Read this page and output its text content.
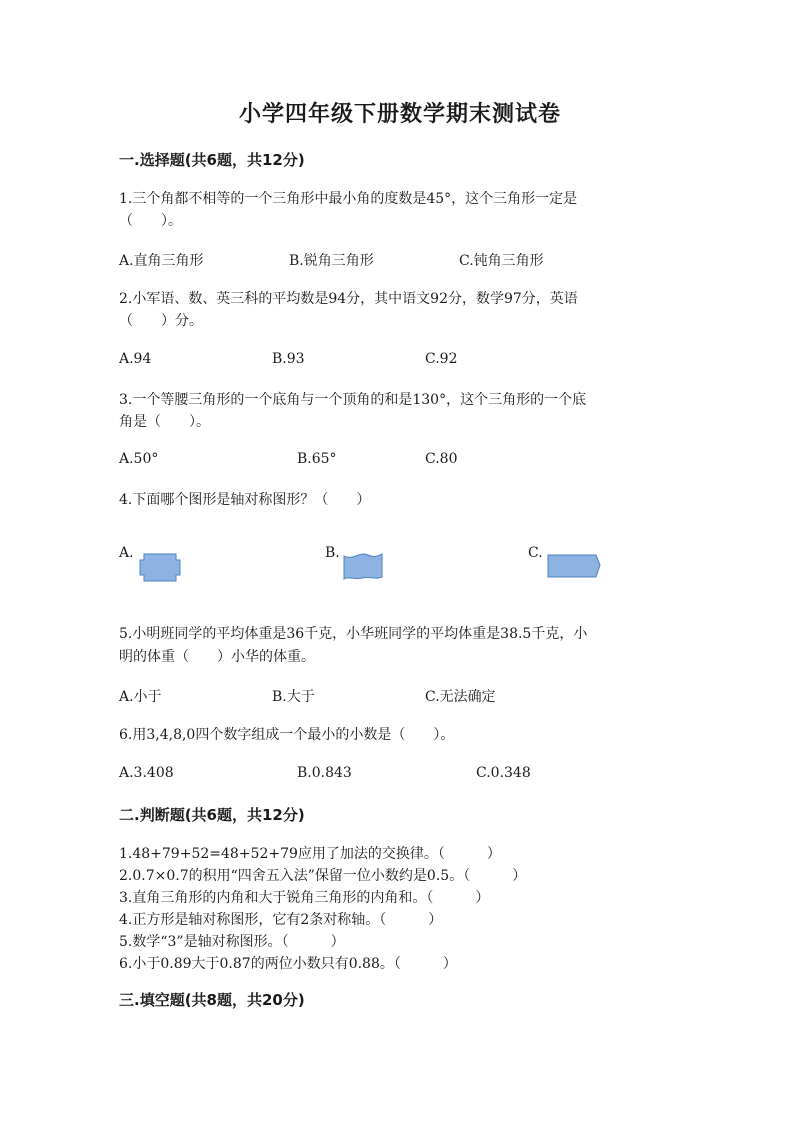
小学四年级下册数学期末测试卷
一.选择题(共6题，共12分)
1.三个角都不相等的一个三角形中最小角的度数是45°，这个三角形一定是
（　　）。
A.直角三角形	B.锐角三角形	C.钝角三角形
2.小军语、数、英三科的平均数是94分，其中语文92分，数学97分，英语
（　　）分。
A.94	B.93	C.92
3.一个等腰三角形的一个底角与一个顶角的和是130°，这个三角形的一个底
角是（　　）。
A.50°	B.65°	C.80
4.下面哪个图形是轴对称图形？（　　）
A.	B.	C.
5.小明班同学的平均体重是36千克，小华班同学的平均体重是38.5千克，小
明的体重（　　）小华的体重。
A.小于	B.大于	C.无法确定
6.用3,4,8,0四个数字组成一个最小的小数是（　　）。
A.3.408	B.0.843	C.0.348
二.判断题(共6题，共12分)
1.48+79+52=48+52+79应用了加法的交换律。（　　　）
2.0.7×0.7的积用“四舍五入法”保留一位小数约是0.5。（　　　）
3.直角三角形的内角和大于锐角三角形的内角和。（　　　）
4.正方形是轴对称图形，它有2条对称轴。（　　　）
5.数学“3”是轴对称图形。（　　　）
6.小于0.89大于0.87的两位小数只有0.88。（　　　）
三.填空题(共8题，共20分)
